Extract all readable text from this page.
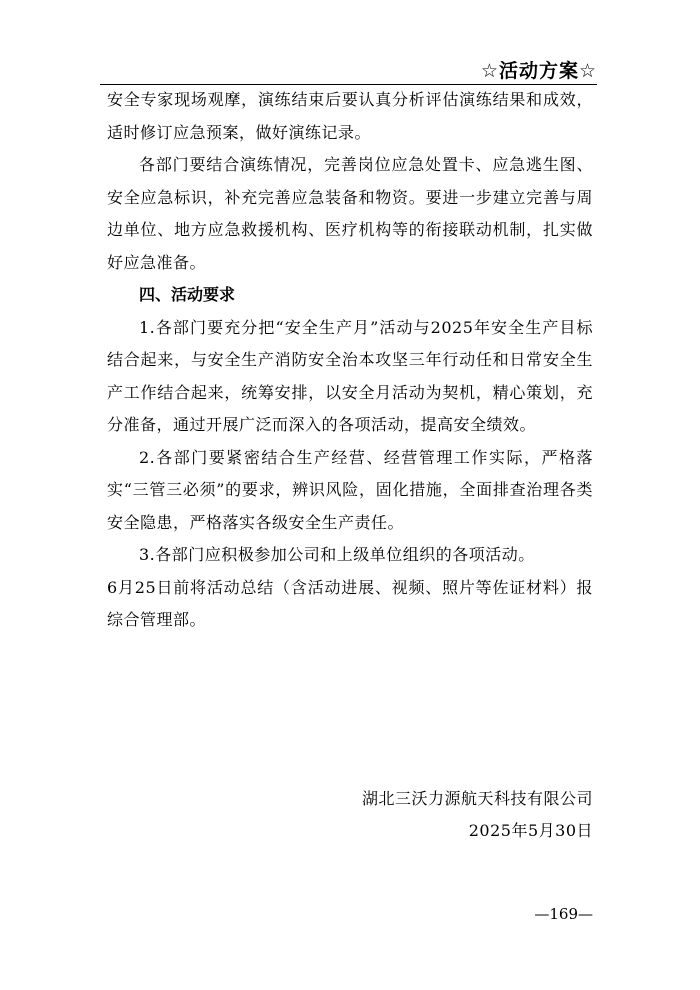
☆活动方案☆

安全专家现场观摩，演练结束后要认真分析评估演练结果和成效，适时修订应急预案，做好演练记录。

各部门要结合演练情况，完善岗位应急处置卡、应急逃生图、安全应急标识，补充完善应急装备和物资。要进一步建立完善与周边单位、地方应急救援机构、医疗机构等的衔接联动机制，扎实做好应急准备。

四、活动要求

1.各部门要充分把“安全生产月”活动与2025年安全生产目标结合起来，与安全生产消防安全治本攻坚三年行动任和日常安全生产工作结合起来，统筹安排，以安全月活动为契机，精心策划，充分准备，通过开展广泛而深入的各项活动，提高安全绩效。

2.各部门要紧密结合生产经营、经营管理工作实际，严格落实“三管三必须”的要求，辨识风险，固化措施，全面排查治理各类安全隐患，严格落实各级安全生产责任。

3.各部门应积极参加公司和上级单位组织的各项活动。

6月25日前将活动总结（含活动进展、视频、照片等佐证材料）报综合管理部。

湖北三沃力源航天科技有限公司
2025年5月30日
—169—
